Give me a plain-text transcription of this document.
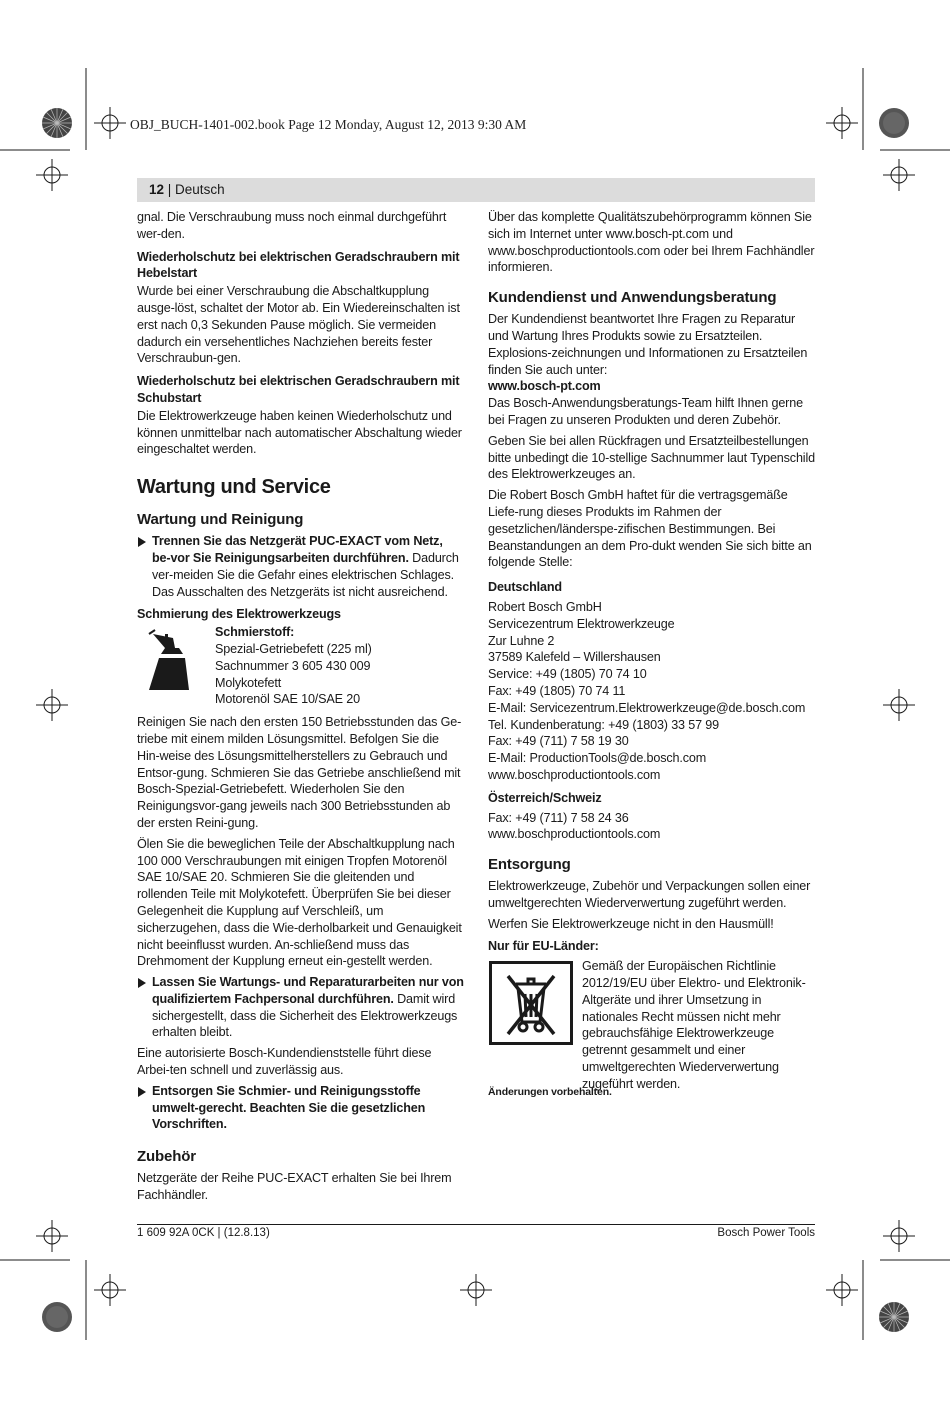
OBJ_BUCH-1401-002.book Page 12 Monday, August 12, 2013 9:30 AM
12 | Deutsch

gnal. Die Verschraubung muss noch einmal durchgeführt wer-den.

Wiederholschutz bei elektrischen Geradschraubern mit Hebelstart

Wurde bei einer Verschraubung die Abschaltkupplung ausge-löst, schaltet der Motor ab. Ein Wiedereinschalten ist erst nach 0,3 Sekunden Pause möglich. Sie vermeiden dadurch ein versehentliches Nachziehen bereits fester Verschraubun-gen.

Wiederholschutz bei elektrischen Geradschraubern mit Schubstart

Die Elektrowerkzeuge haben keinen Wiederholschutz und können unmittelbar nach automatischer Abschaltung wieder eingeschaltet werden.

Wartung und Service
Wartung und Reinigung
Trennen Sie das Netzgerät PUC-EXACT vom Netz, be-vor Sie Reinigungsarbeiten durchführen. Dadurch ver-meiden Sie die Gefahr eines elektrischen Schlages. Das Ausschalten des Netzgeräts ist nicht ausreichend.

Schmierung des Elektrowerkzeugs

Schmierstoff:
Spezial-Getriebefett (225 ml)
Sachnummer 3 605 430 009
Molykotefett
Motorenöl SAE 10/SAE 20

Reinigen Sie nach den ersten 150 Betriebsstunden das Ge-triebe mit einem milden Lösungsmittel. Befolgen Sie die Hin-weise des Lösungsmittelherstellers zu Gebrauch und Entsor-gung. Schmieren Sie das Getriebe anschließend mit Bosch-Spezial-Getriebefett. Wiederholen Sie den Reinigungsvor-gang jeweils nach 300 Betriebsstunden ab der ersten Reini-gung.

Ölen Sie die beweglichen Teile der Abschaltkupplung nach 100 000 Verschraubungen mit einigen Tropfen Motorenöl SAE 10/SAE 20. Schmieren Sie die gleitenden und rollenden Teile mit Molykotefett. Überprüfen Sie bei dieser Gelegenheit die Kupplung auf Verschleiß, um sicherzugehen, dass die Wie-derholbarkeit und Genauigkeit nicht beeinflusst wurden. An-schließend muss das Drehmoment der Kupplung erneut ein-gestellt werden.

Lassen Sie Wartungs- und Reparaturarbeiten nur von qualifiziertem Fachpersonal durchführen. Damit wird sichergestellt, dass die Sicherheit des Elektrowerkzeugs erhalten bleibt.

Eine autorisierte Bosch-Kundendienststelle führt diese Arbei-ten schnell und zuverlässig aus.

Entsorgen Sie Schmier- und Reinigungsstoffe umwelt-gerecht. Beachten Sie die gesetzlichen Vorschriften.
Zubehör

Netzgeräte der Reihe PUC-EXACT erhalten Sie bei Ihrem Fachhändler.

Über das komplette Qualitätszubehörprogramm können Sie sich im Internet unter www.bosch-pt.com und www.boschproductiontools.com oder bei Ihrem Fachhändler informieren.

Kundendienst und Anwendungsberatung

Der Kundendienst beantwortet Ihre Fragen zu Reparatur und Wartung Ihres Produkts sowie zu Ersatzteilen. Explosions-zeichnungen und Informationen zu Ersatzteilen finden Sie auch unter:

www.bosch-pt.com

Das Bosch-Anwendungsberatungs-Team hilft Ihnen gerne bei Fragen zu unseren Produkten und deren Zubehör.

Geben Sie bei allen Rückfragen und Ersatzteilbestellungen bitte unbedingt die 10-stellige Sachnummer laut Typenschild des Elektrowerkzeuges an.

Die Robert Bosch GmbH haftet für die vertragsgemäße Liefe-rung dieses Produkts im Rahmen der gesetzlichen/länderspe-zifischen Bestimmungen. Bei Beanstandungen an dem Pro-dukt wenden Sie sich bitte an folgende Stelle:

Deutschland

Robert Bosch GmbH
Servicezentrum Elektrowerkzeuge
Zur Luhne 2
37589 Kalefeld – Willershausen
Service: +49 (1805) 70 74 10
Fax: +49 (1805) 70 74 11
E-Mail: Servicezentrum.Elektrowerkzeuge@de.bosch.com
Tel. Kundenberatung: +49 (1803) 33 57 99
Fax: +49 (711) 7 58 19 30
E-Mail: ProductionTools@de.bosch.com
www.boschproductiontools.com

Österreich/Schweiz

Fax: +49 (711) 7 58 24 36
www.boschproductiontools.com
Entsorgung

Elektrowerkzeuge, Zubehör und Verpackungen sollen einer umweltgerechten Wiederverwertung zugeführt werden.

Werfen Sie Elektrowerkzeuge nicht in den Hausmüll!

Nur für EU-Länder:

Gemäß der Europäischen Richtlinie 2012/19/EU über Elektro- und Elektronik-Altgeräte und ihrer Umsetzung in nationales Recht müssen nicht mehr gebrauchsfähige Elektrowerkzeuge getrennt gesammelt und einer umweltgerechten Wiederverwertung zugeführt werden.

Änderungen vorbehalten.

1 609 92A 0CK | (12.8.13)	Bosch Power Tools
